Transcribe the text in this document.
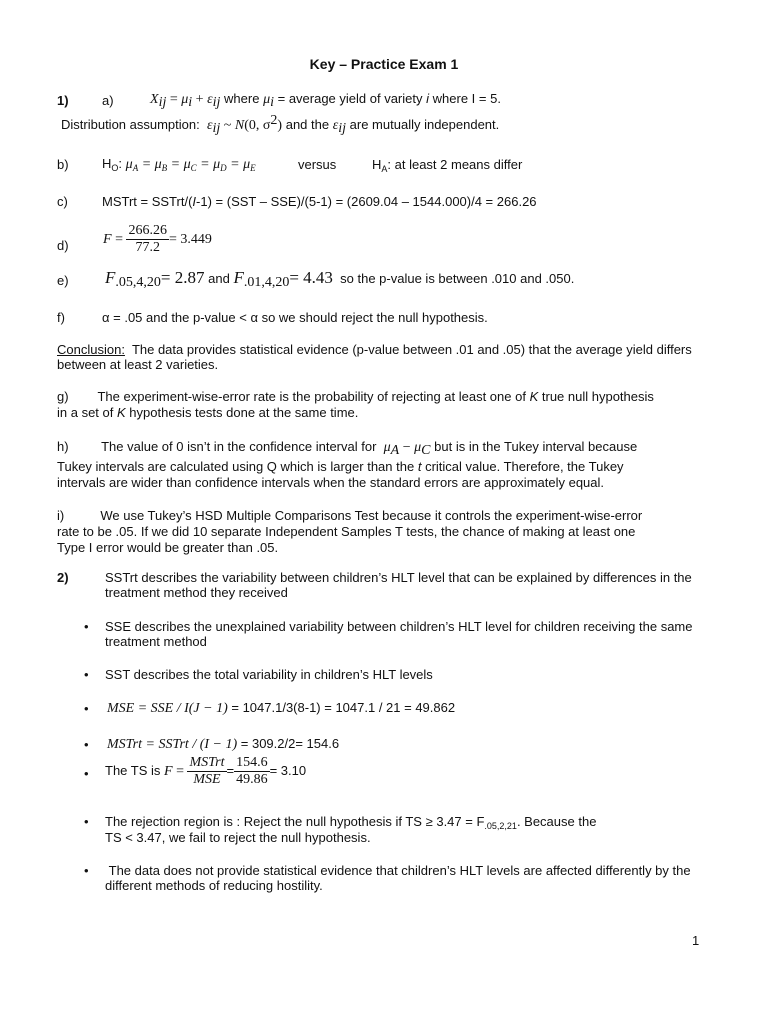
Key – Practice Exam 1
1)	a)	$X_{ij} = \mu_i + \varepsilon_{ij}$ where $\mu_i$ = average yield of variety i where I = 5.
Distribution assumption: $\varepsilon_{ij}$ ~ N(0, $\sigma^2$) and the $\varepsilon_{ij}$ are mutually independent.
b)	$H_O$: $\mu_A = \mu_B = \mu_C = \mu_D = \mu_E$	versus	$H_A$: at least 2 means differ
c)	MSTrt = SSTrt/(I-1) = (SST – SSE)/(5-1) = (2609.04 – 1544.000)/4 = 266.26
d) $F = \frac{266.26}{77.2} = 3.449$
e) $F_{.05,4,20}= 2.87$ and $F_{.01,4,20}= 4.43$ so the p-value is between .010 and .050.
f)	α = .05 and the p-value < α so we should reject the null hypothesis.
Conclusion: The data provides statistical evidence (p-value between .01 and .05) that the average yield differs between at least 2 varieties.
g) The experiment-wise-error rate is the probability of rejecting at least one of K true null hypothesis
in a set of K hypothesis tests done at the same time.
h)	The value of 0 isn’t in the confidence interval for $\mu_A - \mu_C$ but is in the Tukey interval because
Tukey intervals are calculated using Q which is larger than the t critical value. Therefore, the Tukey
intervals are wider than confidence intervals when the standard errors are approximately equal.
i)	We use Tukey’s HSD Multiple Comparisons Test because it controls the experiment-wise-error
rate to be .05. If we did 10 separate Independent Samples T tests, the chance of making at least one
Type I error would be greater than .05.
2)	SSTrt describes the variability between children’s HLT level that can be explained by differences in the treatment method they received
• SSE describes the unexplained variability between children’s HLT level for children receiving the same treatment method
• SST describes the total variability in children’s HLT levels
• MSE = SSE / I(J − 1) = 1047.1/3(8-1) = 1047.1 / 21 = 49.862
• MSTrt = SSTrt / (I − 1) = 309.2/2= 154.6
• The TS is $F = \frac{\text{MSTrt}}{\text{MSE}} = \frac{154.6}{49.86} = 3.10$
• The rejection region is : Reject the null hypothesis if TS ≥ $3.47 = F_{.05,2,21}$. Because the
TS < 3.47, we fail to reject the null hypothesis.
• The data does not provide statistical evidence that children’s HLT levels are affected differently by the different methods of reducing hostility.
1
